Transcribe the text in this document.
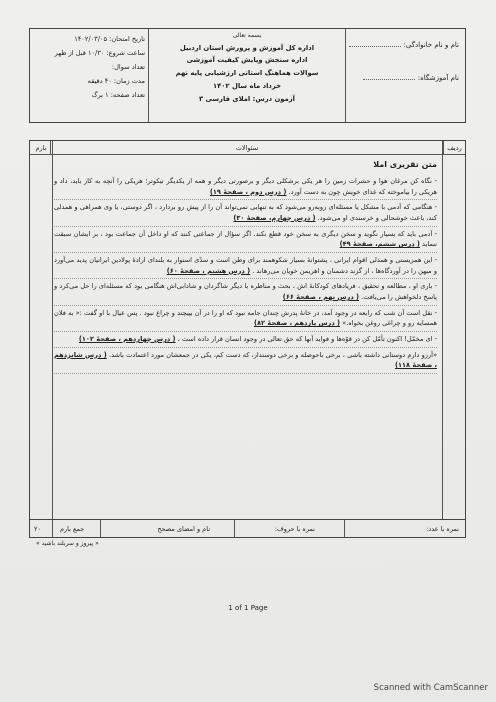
نام و نام خانوادگی:
نام آموزشگاه:
بسمه تعالی
اداره کل آموزش و پرورش استان اردبیل
اداره سنجش وپایش کیفیت آموزشی
سوالات هماهنگ استانی ارزشیابی پایه نهم
خرداد ماه سال ۱۴۰۲
آزمون درس: املای فارسی ۳
تاریخ امتحان: ۱۴۰۲/۰۳/۰۵
ساعت شروع: ۱۰/۳۰ قبل از ظهر
تعداد سوال:
مدت زمان: ۴۰ دقیقه
تعداد صفحه: ۱ برگ
ردیف
سئوالات
بارم
متن تقریری املا
- نگاه کن مرغان هوا و حشرات زمین را هر یکی برشکلی دیگر و برصورتی دیگر و همه از یکدیگر نیکوتر؛ هریکی را آنچه به کار باید، داد و هریکی را بیاموخته که غذای خویش چون به دست آورد. ( درس دوم ، صفحهٔ ۱۹)
- هنگامی که آدمی با مشکل یا مسئله‌ای روبه‌رو می‌شود که به تنهایی نمی‌تواند آن را از پیش رو بردارد ، اگر دوستی، یا وی همراهی و همدلی کند، باعث خوشحالی و خرسندی او می‌شود. ( درس چهارم، صفحهٔ ۳۰)
- آدمی باید که بسیار نگوید و سخن دیگری به سخن خود قطع نکند. اگر سؤال از جماعتی کنند که او داخل آن جماعت بود ، بر ایشان سبقت ننماید ( درس ششم، صفحهٔ ۴۹)
- این همزیستی و همدلی اقوام ایرانی ، پشتوانهٔ بسیار شکوهمند برای وطن است و سدّی استوار به بلندای ارادهٔ پولادین ایرانیان پدید می‌آورد و میهن را در آوردگاه‌ها ، از گزند دشمنان و اهریمن خویان می‌رهاند . ( درس هشتم ، صفحهٔ ۶۰)
- باری او ، مطالعه و تحقیق ، فریادهای کودکانهٔ اش ، بحث و مناظره با دیگر شاگردان و شادابی‌اش هنگامی بود که مسئله‌ای را حل می‌کرد و پاسخ دلخواهش را می‌یافت. ( درس نهم ، صفحهٔ ۶۶)
- نقل است آن شب که رابعه در وجود آمد، در خانهٔ پدرش چندان جامه نبود که او را در آن بپیچند و چراغ نبود . پس عیال با او گفت :« به فلان همسایه رو و چراغی روغن بخواه.» ( درس یازدهم ، صفحهٔ ۸۲)
- ای مخمّل! اکنون تأمّل کن در قوّه‌ها و فواید آنها که حق تعالی در وجود انسان قرار داده است ، ( درس چهاردهم ، صفحهٔ ۱۰۲)
«آرزو دارم دوستانی داشته باشی ، برخی باحوصله و برخی دوستدار، که دست کم، یکی در جمعشان مورد اعتمادت باشد. ( درس شانزدهم ، صفحهٔ ۱۱۸)
نمره با عدد:
نمره با حروف:
نام و امضای مصحح
جمع بارم
۲۰
« پیروز و سربلند باشید »
1 of 1 Page
Scanned with CamScanner
